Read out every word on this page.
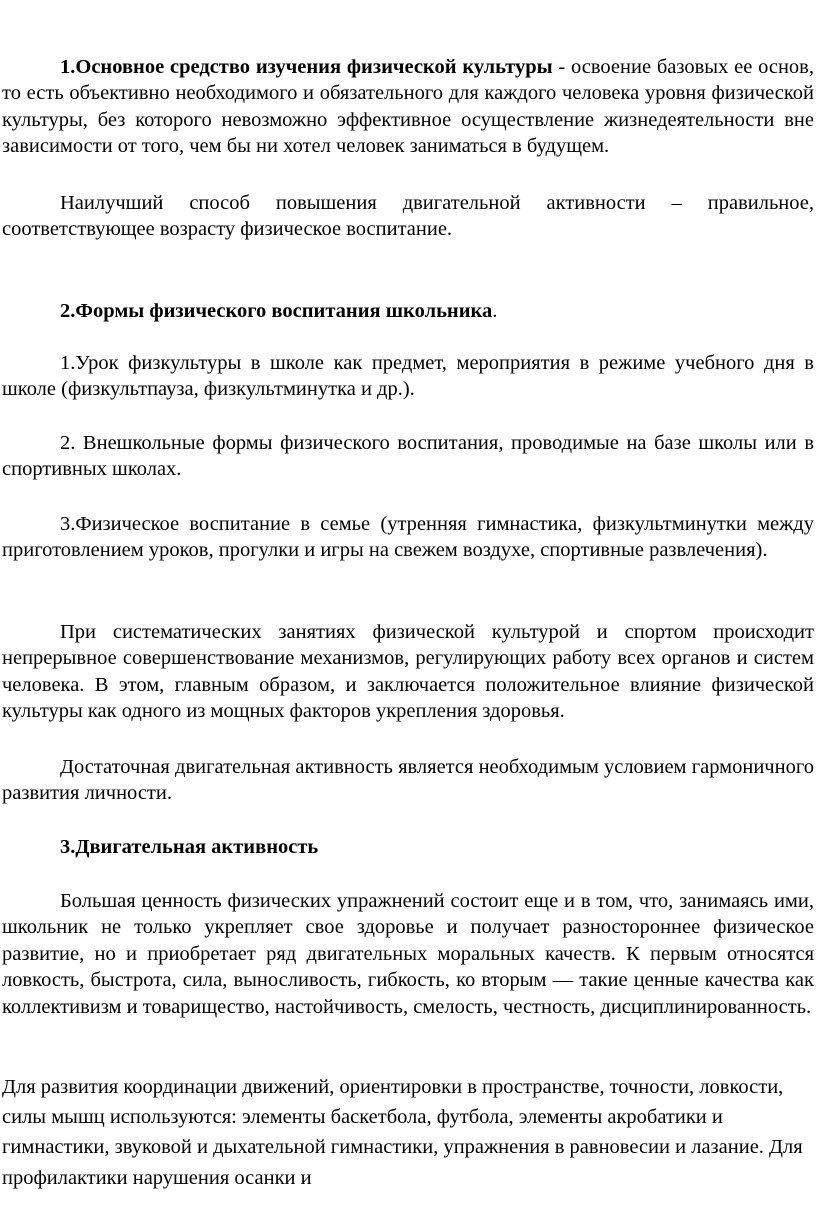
1.Основное средство изучения физической культуры - освоение базовых ее основ, то есть объективно необходимого и обязательного для каждого человека уровня физической культуры, без которого невозможно эффективное осуществление жизнедеятельности вне зависимости от того, чем бы ни хотел человек заниматься в будущем.

Наилучший способ повышения двигательной активности – правильное, соответствующее возрасту физическое воспитание.

2.Формы физического воспитания школьника.

1.Урок физкультуры в школе как предмет, мероприятия в режиме учебного дня в школе (физкультпауза, физкультминутка и др.).

2. Внешкольные формы физического воспитания, проводимые на базе школы или в спортивных школах.

3.Физическое воспитание в семье (утренняя гимнастика, физкультминутки между приготовлением уроков, прогулки и игры на свежем воздухе, спортивные развлечения).

При систематических занятиях физической культурой и спортом происходит непрерывное совершенствование механизмов, регулирующих работу всех органов и систем человека. В этом, главным образом, и заключается положительное влияние физической культуры как одного из мощных факторов укрепления здоровья.

Достаточная двигательная активность является необходимым условием гармоничного развития личности.

3.Двигательная активность

Большая ценность физических упражнений состоит еще и в том, что, занимаясь ими, школьник не только укрепляет свое здоровье и получает разностороннее физическое развитие, но и приобретает ряд двигательных моральных качеств. К первым относятся ловкость, быстрота, сила, выносливость, гибкость, ко вторым — такие ценные качества как коллективизм и товарищество, настойчивость, смелость, честность, дисциплинированность.

Для развития координации движений, ориентировки в пространстве, точности, ловкости, силы мышц используются: элементы баскетбола, футбола, элементы акробатики и гимнастики, звуковой и дыхательной гимнастики, упражнения в равновесии и лазание. Для профилактики нарушения осанки и
